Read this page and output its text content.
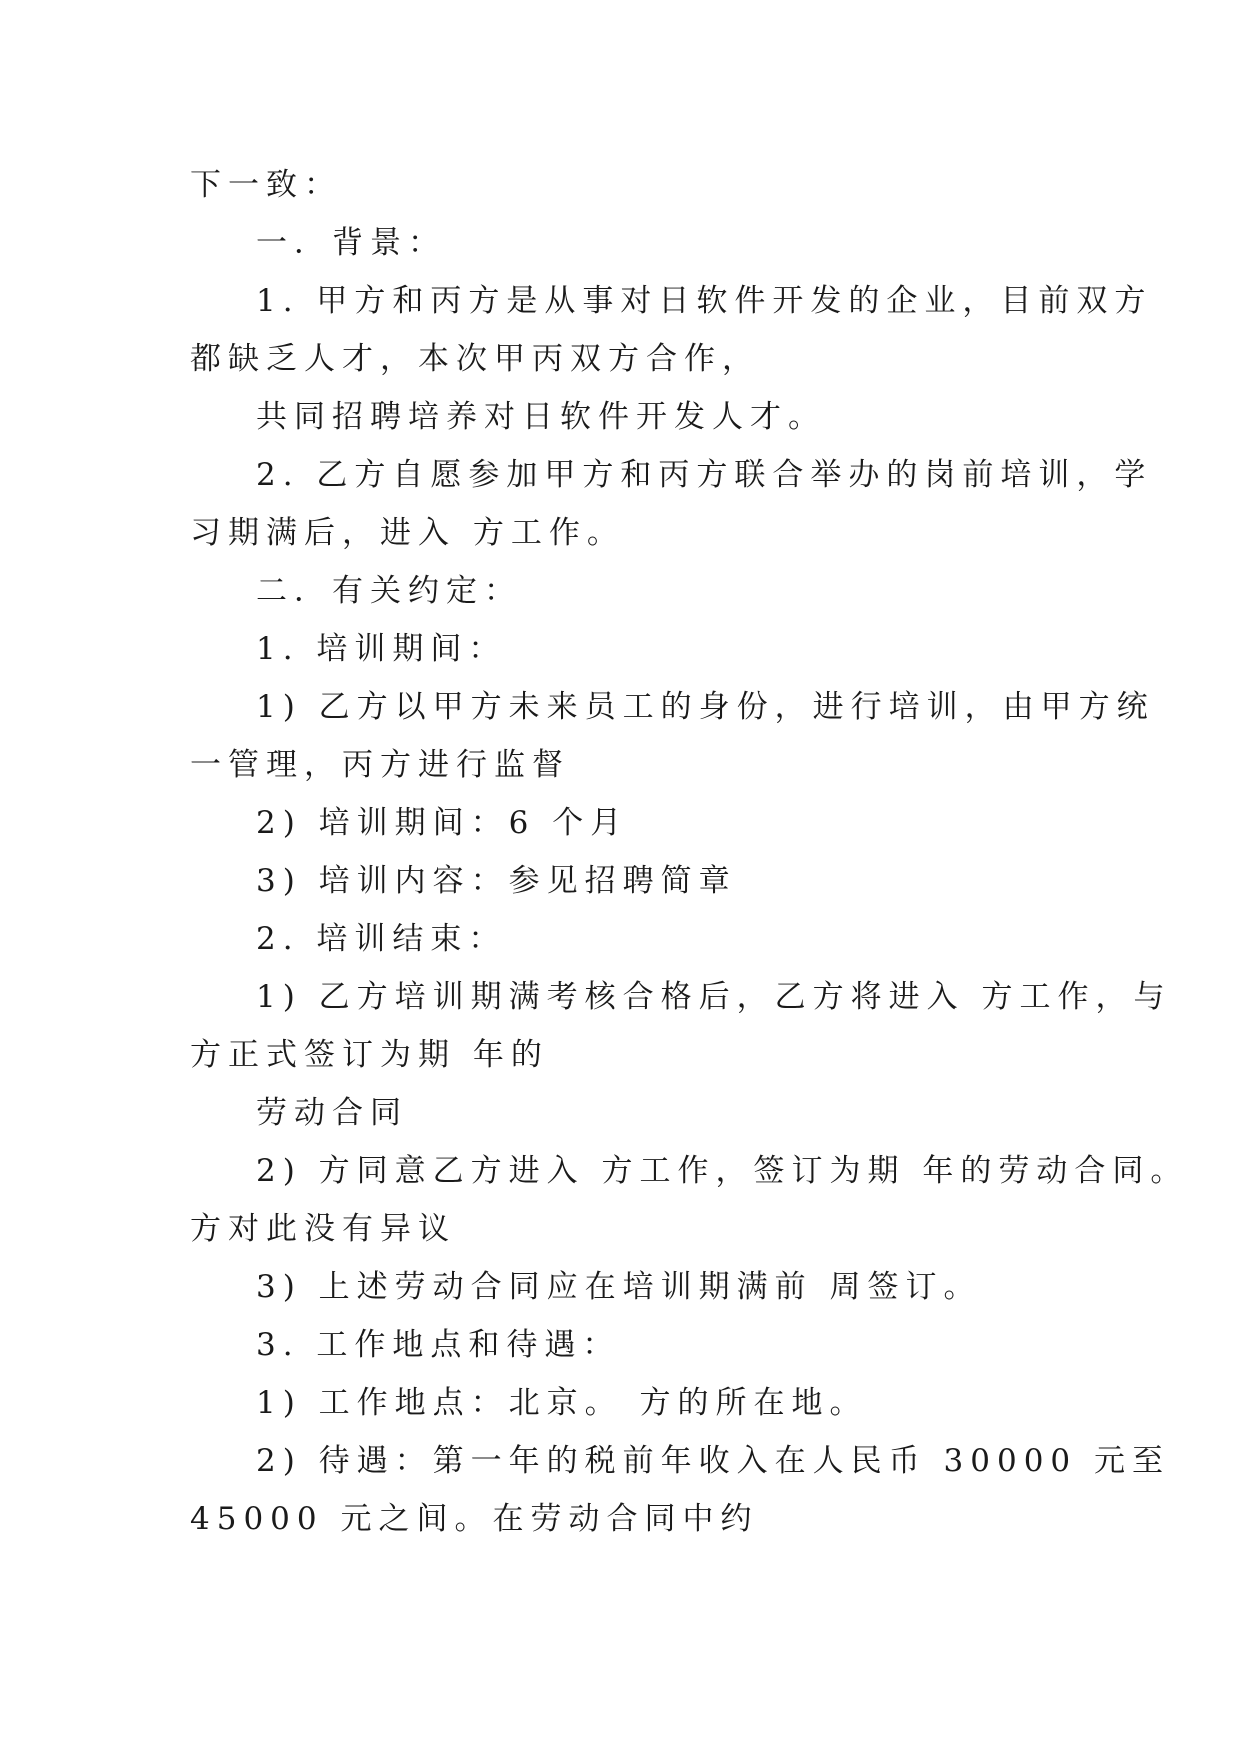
下一致：
一．背景：
1. 甲方和丙方是从事对日软件开发的企业，目前双方
都缺乏人才，本次甲丙双方合作，
共同招聘培养对日软件开发人才。
2. 乙方自愿参加甲方和丙方联合举办的岗前培训，学
习期满后，进入 方工作。
二．有关约定：
1. 培训期间：
1) 乙方以甲方未来员工的身份，进行培训，由甲方统
一管理，丙方进行监督
2) 培训期间：6 个月
3) 培训内容：参见招聘简章
2. 培训结束：
1) 乙方培训期满考核合格后，乙方将进入 方工作，与
方正式签订为期 年的
劳动合同
2) 方同意乙方进入 方工作，签订为期 年的劳动合同。
方对此没有异议
3) 上述劳动合同应在培训期满前 周签订。
3. 工作地点和待遇：
1) 工作地点：北京。 方的所在地。
2) 待遇：第一年的税前年收入在人民币 30000 元至
45000 元之间。在劳动合同中约
